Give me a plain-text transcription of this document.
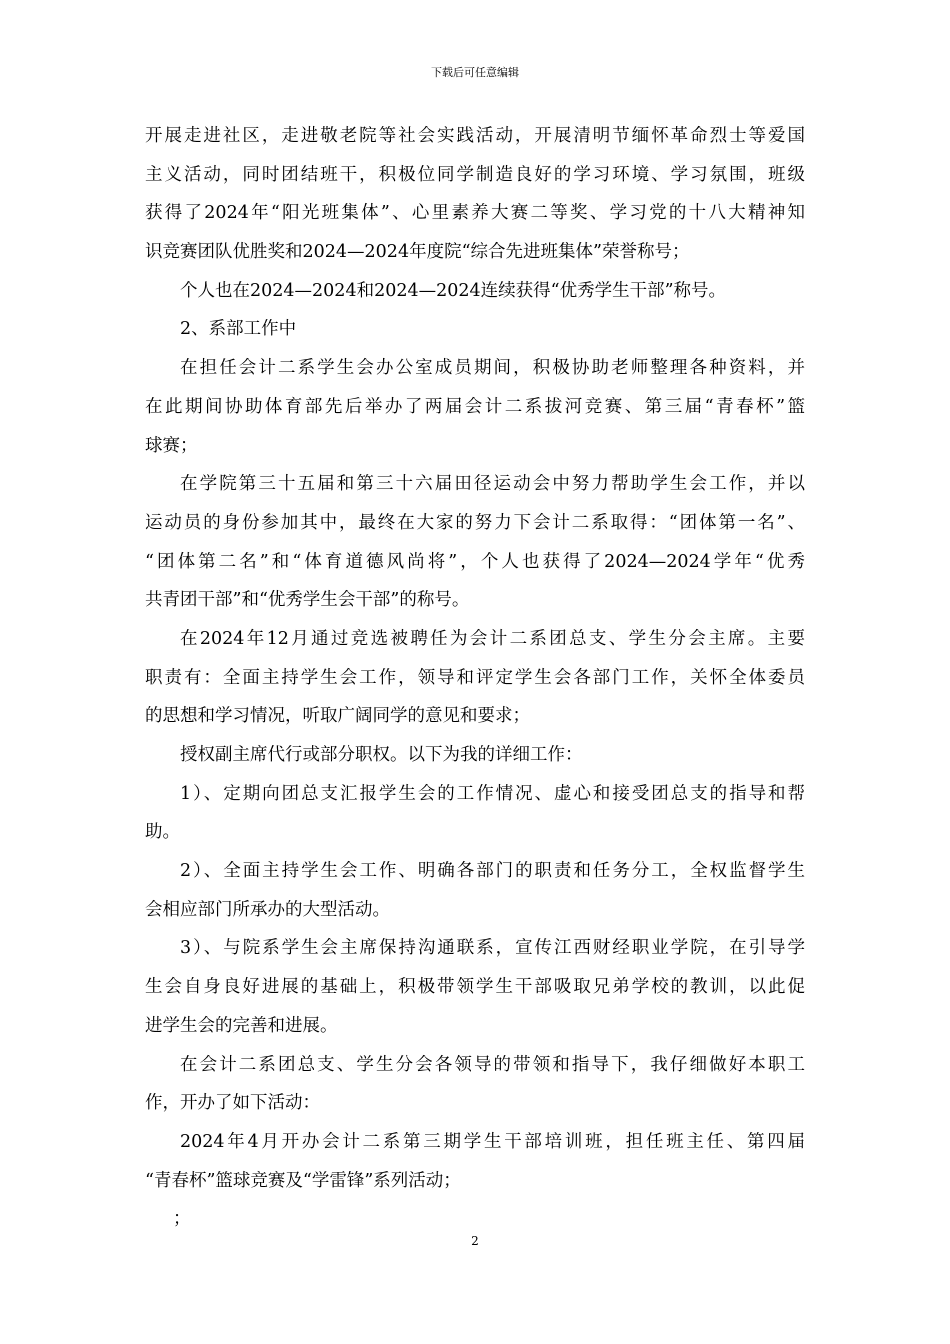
下载后可任意编辑
开展走进社区，走进敬老院等社会实践活动，开展清明节缅怀革命烈士等爱国
主义活动，同时团结班干，积极位同学制造良好的学习环境、学习氛围，班级
获得了2024年“阳光班集体”、心里素养大赛二等奖、学习党的十八大精神知
识竞赛团队优胜奖和2024—2024年度院“综合先进班集体”荣誉称号；
个人也在2024—2024和2024—2024连续获得“优秀学生干部”称号。
2、系部工作中
在担任会计二系学生会办公室成员期间，积极协助老师整理各种资料，并
在此期间协助体育部先后举办了两届会计二系拔河竞赛、第三届“青春杯”篮
球赛；
在学院第三十五届和第三十六届田径运动会中努力帮助学生会工作，并以
运动员的身份参加其中，最终在大家的努力下会计二系取得：“团体第一名”、
“团体第二名”和“体育道德风尚将”，个人也获得了2024—2024学年“优秀
共青团干部”和“优秀学生会干部”的称号。
在2024年12月通过竞选被聘任为会计二系团总支、学生分会主席。主要
职责有：全面主持学生会工作，领导和评定学生会各部门工作，关怀全体委员
的思想和学习情况，听取广阔同学的意见和要求；
授权副主席代行或部分职权。以下为我的详细工作：
1）、定期向团总支汇报学生会的工作情况、虚心和接受团总支的指导和帮
助。
2）、全面主持学生会工作、明确各部门的职责和任务分工，全权监督学生
会相应部门所承办的大型活动。
3）、与院系学生会主席保持沟通联系，宣传江西财经职业学院，在引导学
生会自身良好进展的基础上，积极带领学生干部吸取兄弟学校的教训，以此促
进学生会的完善和进展。
在会计二系团总支、学生分会各领导的带领和指导下，我仔细做好本职工
作，开办了如下活动：
2024年4月开办会计二系第三期学生干部培训班，担任班主任、第四届
“青春杯”篮球竞赛及“学雷锋”系列活动；
；
2
